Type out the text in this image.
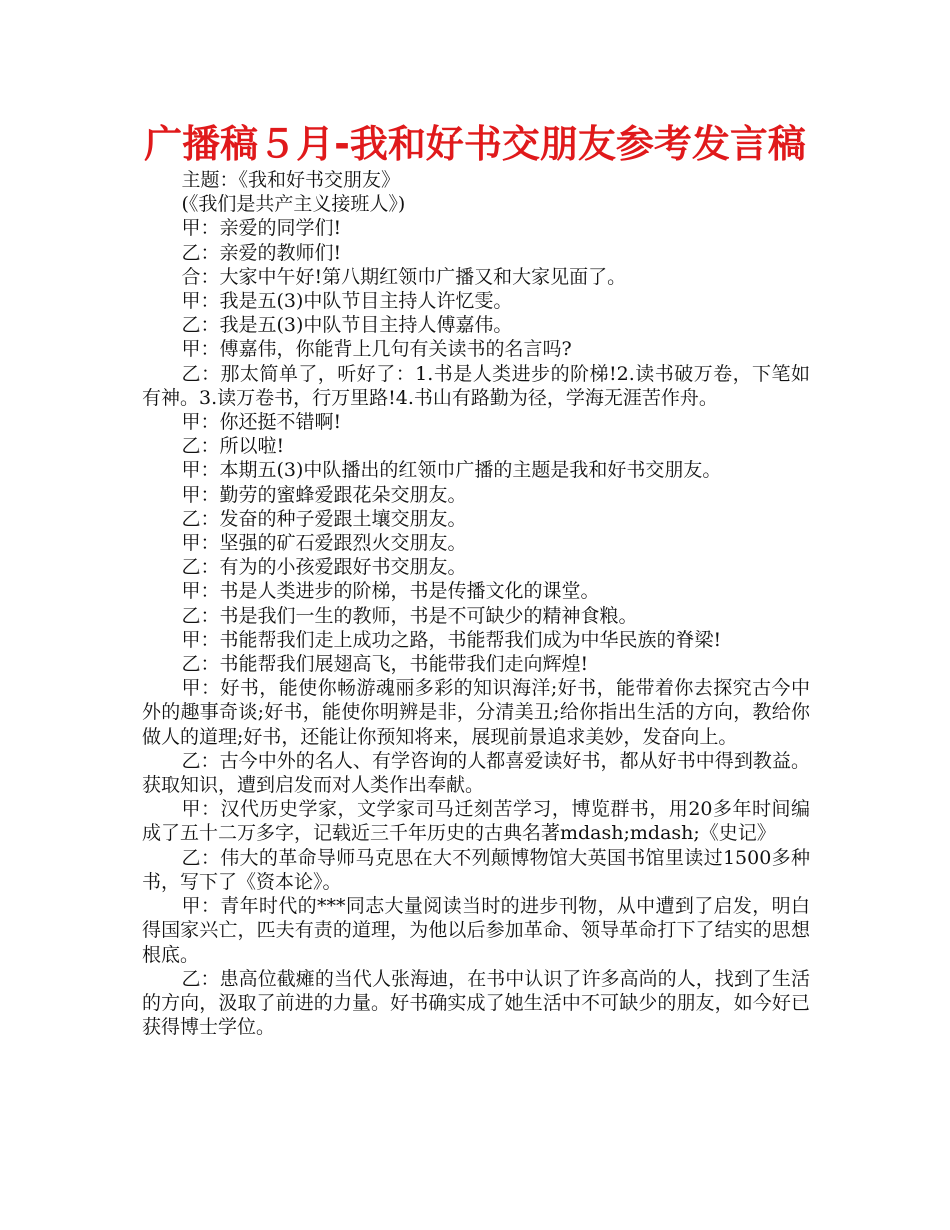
广播稿５月-我和好书交朋友参考发言稿

主题：《我和好书交朋友》

(《我们是共产主义接班人》)

甲：亲爱的同学们!

乙：亲爱的教师们!

合：大家中午好!第八期红领巾广播又和大家见面了。

甲：我是五(3)中队节目主持人许忆雯。

乙：我是五(3)中队节目主持人傅嘉伟。

甲：傅嘉伟，你能背上几句有关读书的名言吗?

乙：那太简单了，听好了：1.书是人类进步的阶梯!2.读书破万卷，下笔如有神。3.读万卷书，行万里路!4.书山有路勤为径，学海无涯苦作舟。

甲：你还挺不错啊!

乙：所以啦!

甲：本期五(3)中队播出的红领巾广播的主题是我和好书交朋友。

甲：勤劳的蜜蜂爱跟花朵交朋友。

乙：发奋的种子爱跟土壤交朋友。

甲：坚强的矿石爱跟烈火交朋友。

乙：有为的小孩爱跟好书交朋友。

甲：书是人类进步的阶梯，书是传播文化的课堂。

乙：书是我们一生的教师，书是不可缺少的精神食粮。

甲：书能帮我们走上成功之路，书能帮我们成为中华民族的脊梁!

乙：书能帮我们展翅高飞，书能带我们走向辉煌!

甲：好书，能使你畅游魂丽多彩的知识海洋;好书，能带着你去探究古今中外的趣事奇谈;好书，能使你明辨是非，分清美丑;给你指出生活的方向，教给你做人的道理;好书，还能让你预知将来，展现前景追求美妙，发奋向上。

乙：古今中外的名人、有学咨询的人都喜爱读好书，都从好书中得到教益。获取知识，遭到启发而对人类作出奉献。

甲：汉代历史学家，文学家司马迁刻苦学习，博览群书，用20多年时间编成了五十二万多字，记载近三千年历史的古典名著mdash;mdash;《史记》

乙：伟大的革命导师马克思在大不列颠博物馆大英国书馆里读过1500多种书，写下了《资本论》。

甲：青年时代的***同志大量阅读当时的进步刊物，从中遭到了启发，明白得国家兴亡，匹夫有责的道理，为他以后参加革命、领导革命打下了结实的思想根底。

乙：患高位截瘫的当代人张海迪，在书中认识了许多高尚的人，找到了生活的方向，汲取了前进的力量。好书确实成了她生活中不可缺少的朋友，如今好已获得博士学位。
